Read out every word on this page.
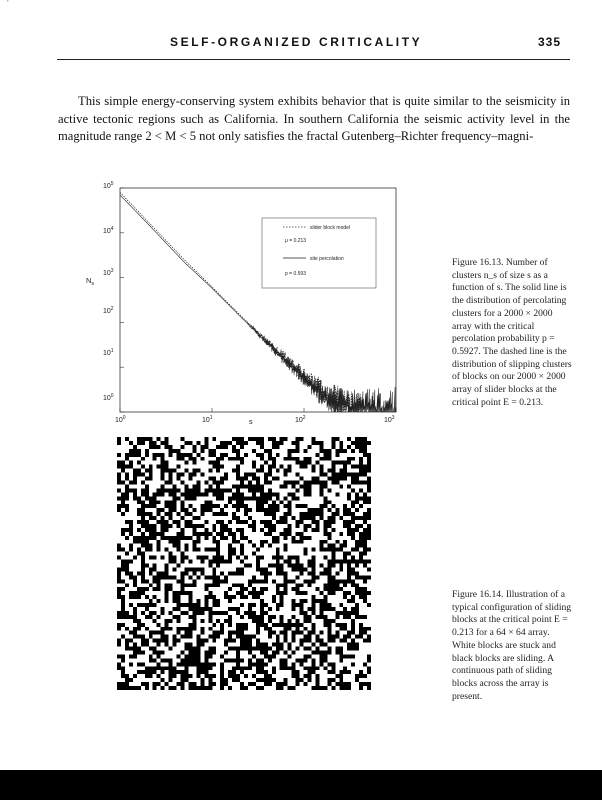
'
SELF-ORGANIZED CRITICALITY	335

This simple energy-conserving system exhibits behavior that is quite similar to the seismicity in active tectonic regions such as California. In southern California the seismic activity level in the magnitude range 2 < M < 5 not only satisfies the fractal Gutenberg–Richter frequency–magni-

$10^5$
$10^4$
$10^3$
$10^2$
$10^1$
$10^0$
$10^0$	$10^1$	$10^2$	$10^3$
$N_s$
s
slider block model
μ = 0.213
site percolation
p = 0.593
Figure 16.13. Number of clusters n_s of size s as a function of s. The solid line is the distribution of percolating clusters for a 2000 × 2000 array with the critical percolation probability p = 0.5927. The dashed line is the distribution of slipping clusters of blocks on our 2000 × 2000 array of slider blocks at the critical point E = 0.213.
Figure 16.14. Illustration of a typical configuration of sliding blocks at the critical point E = 0.213 for a 64 × 64 array. White blocks are stuck and black blocks are sliding. A continuous path of sliding blocks across the array is present.
